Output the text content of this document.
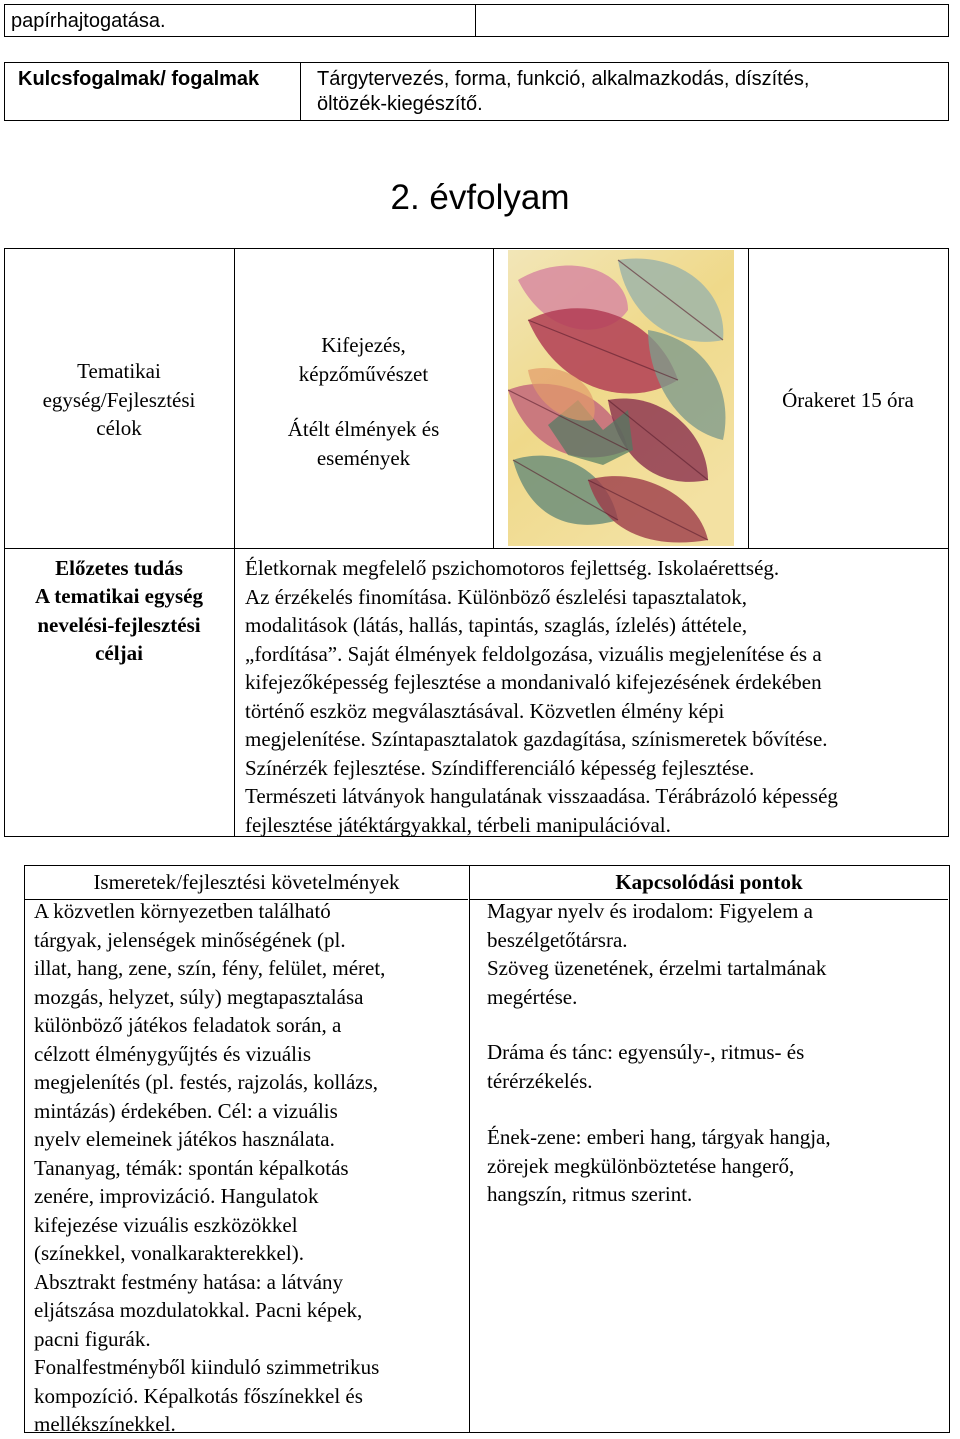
papírhajtogatása.
Kulcsfogalmak/ fogalmak	Tárgytervezés, forma, funkció, alkalmazkodás, díszítés, öltözék-kiegészítő.
2. évfolyam
Tematikai
egység/Fejlesztési
célok
Kifejezés,
képzőművészet
Átélt élmények és
események
Órakeret 15 óra
Előzetes tudás
A tematikai egység
nevelési-fejlesztési
céljai
Életkornak megfelelő pszichomotoros fejlettség. Iskolaérettség.
Az érzékelés finomítása. Különböző észlelési tapasztalatok,
modalitások (látás, hallás, tapintás, szaglás, ízlelés) áttétele,
„fordítása”. Saját élmények feldolgozása, vizuális megjelenítése és a
kifejezőképesség fejlesztése a mondanivaló kifejezésének érdekében
történő eszköz megválasztásával. Közvetlen élmény képi
megjelenítése. Színtapasztalatok gazdagítása, színismeretek bővítése.
Színérzék fejlesztése. Színdifferenciáló képesség fejlesztése.
Természeti látványok hangulatának visszaadása. Térábrázoló képesség
fejlesztése játéktárgyakkal, térbeli manipulációval.
Ismeretek/fejlesztési követelmények
A közvetlen környezetben található
tárgyak, jelenségek minőségének (pl.
illat, hang, zene, szín, fény, felület, méret,
mozgás, helyzet, súly) megtapasztalása
különböző játékos feladatok során, a
célzott élménygyűjtés és vizuális
megjelenítés (pl. festés, rajzolás, kollázs,
mintázás) érdekében. Cél: a vizuális
nyelv elemeinek játékos használata.
Tananyag, témák: spontán képalkotás
zenére, improvizáció. Hangulatok
kifejezése vizuális eszközökkel
(színekkel, vonalkarakterekkel).
Absztrakt festmény hatása: a látvány
eljátszása mozdulatokkal. Pacni képek,
pacni figurák.
Fonalfestményből kiinduló szimmetrikus
kompozíció. Képalkotás főszínekkel és
mellékszínekkel.
Kapcsolódási pontok
Magyar nyelv és irodalom: Figyelem a
beszélgetőtársra.
Szöveg üzenetének, érzelmi tartalmának
megértése.
Dráma és tánc: egyensúly-, ritmus- és
térérzékelés.
Ének-zene: emberi hang, tárgyak hangja,
zörejek megkülönböztetése hangerő,
hangszín, ritmus szerint.
